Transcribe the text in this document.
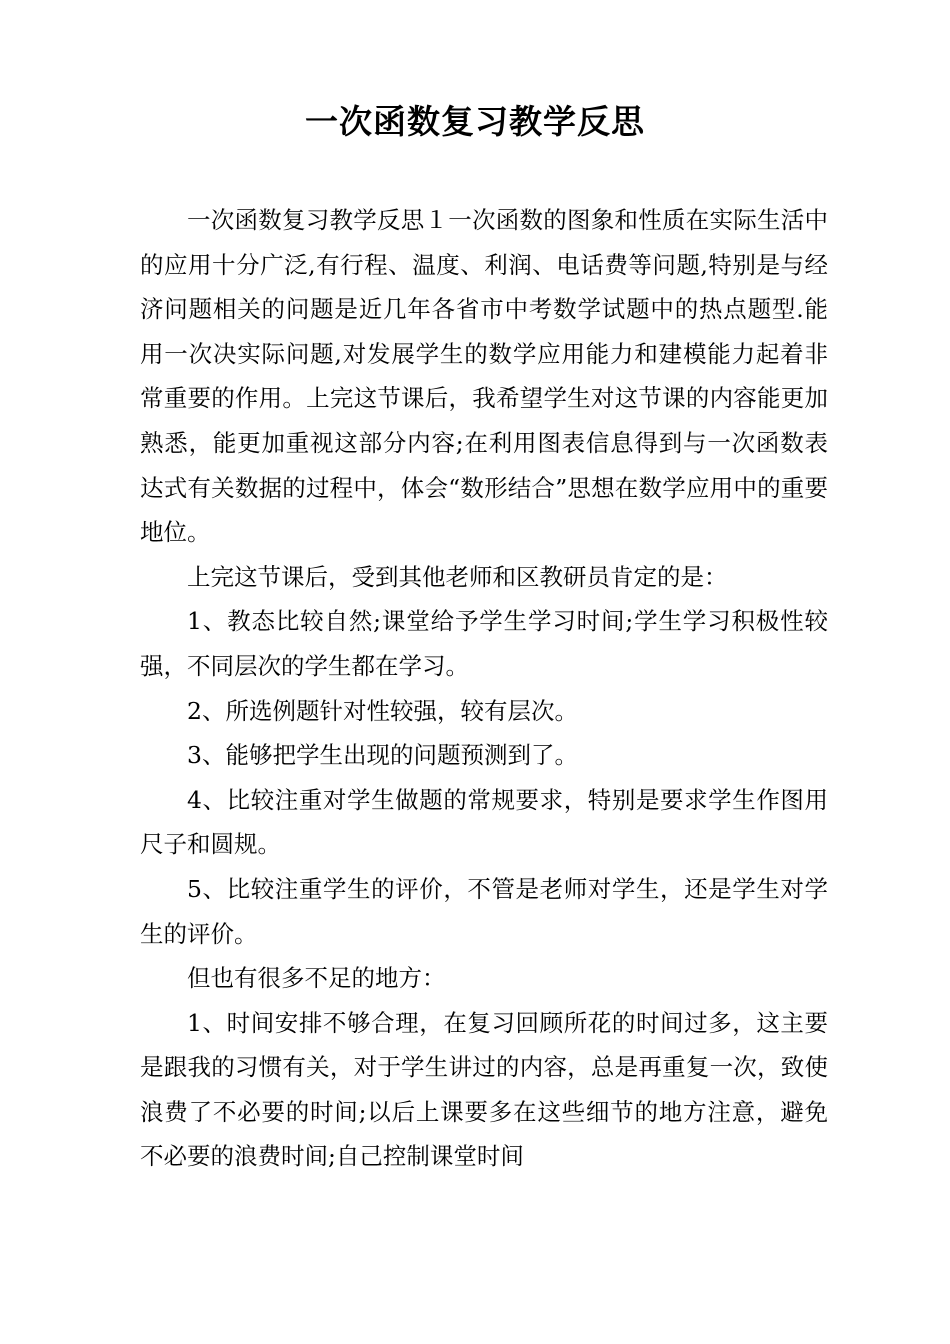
一次函数复习教学反思

一次函数复习教学反思１一次函数的图象和性质在实际生活中的应用十分广泛,有行程、温度、利润、电话费等问题,特别是与经济问题相关的问题是近几年各省市中考数学试题中的热点题型.能用一次决实际问题,对发展学生的数学应用能力和建模能力起着非常重要的作用。上完这节课后，我希望学生对这节课的内容能更加熟悉，能更加重视这部分内容;在利用图表信息得到与一次函数表达式有关数据的过程中，体会“数形结合”思想在数学应用中的重要地位。

上完这节课后，受到其他老师和区教研员肯定的是：

1、教态比较自然;课堂给予学生学习时间;学生学习积极性较强，不同层次的学生都在学习。

2、所选例题针对性较强，较有层次。

3、能够把学生出现的问题预测到了。

4、比较注重对学生做题的常规要求，特别是要求学生作图用尺子和圆规。

5、比较注重学生的评价，不管是老师对学生，还是学生对学生的评价。

但也有很多不足的地方：

1、时间安排不够合理，在复习回顾所花的时间过多，这主要是跟我的习惯有关，对于学生讲过的内容，总是再重复一次，致使浪费了不必要的时间;以后上课要多在这些细节的地方注意，避免不必要的浪费时间;自己控制课堂时间
